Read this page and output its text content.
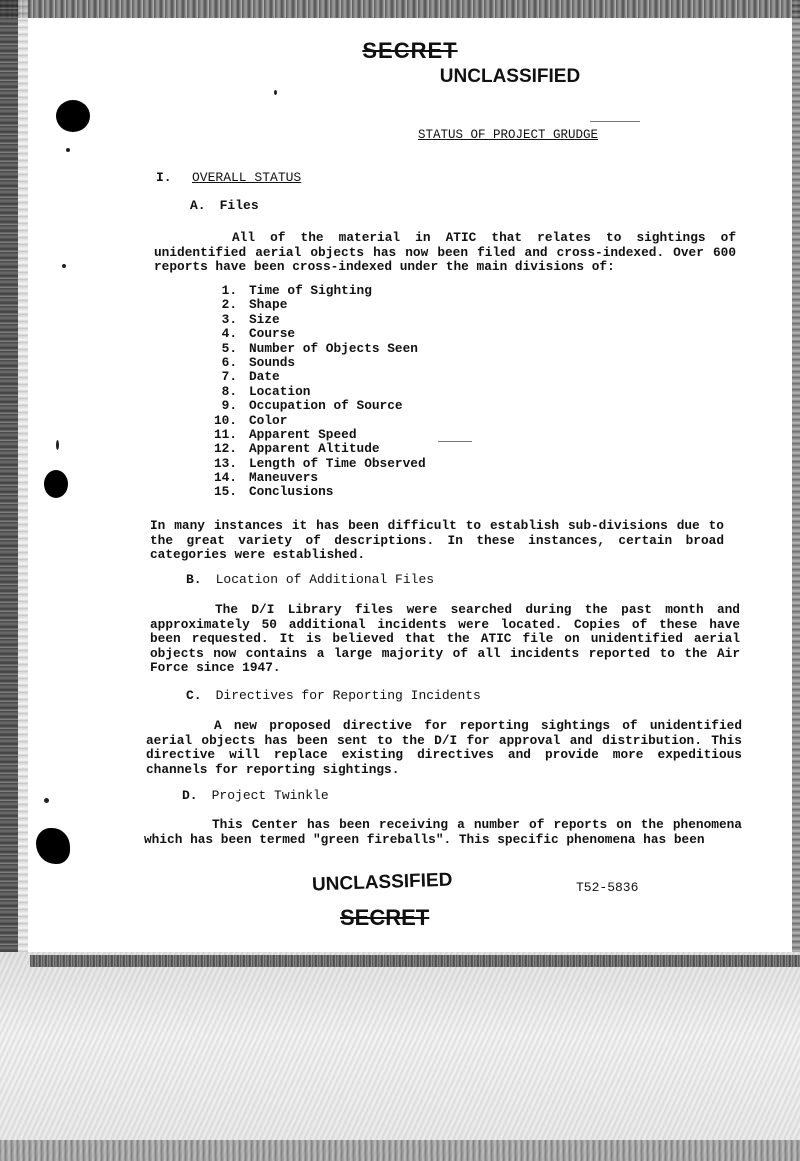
SECRET
UNCLASSIFIED
STATUS OF PROJECT GRUDGE
I. OVERALL STATUS
A. Files
All of the material in ATIC that relates to sightings of unidentified aerial objects has now been filed and cross-indexed. Over 600 reports have been cross-indexed under the main divisions of:
1. Time of Sighting
2. Shape
3. Size
4. Course
5. Number of Objects Seen
6. Sounds
7. Date
8. Location
9. Occupation of Source
10. Color
11. Apparent Speed
12. Apparent Altitude
13. Length of Time Observed
14. Maneuvers
15. Conclusions
In many instances it has been difficult to establish sub-divisions due to the great variety of descriptions. In these instances, certain broad categories were established.
B. Location of Additional Files
The D/I Library files were searched during the past month and approximately 50 additional incidents were located. Copies of these have been requested. It is believed that the ATIC file on unidentified aerial objects now contains a large majority of all incidents reported to the Air Force since 1947.
C. Directives for Reporting Incidents
A new proposed directive for reporting sightings of unidentified aerial objects has been sent to the D/I for approval and distribution. This directive will replace existing directives and provide more expeditious channels for reporting sightings.
D. Project Twinkle
This Center has been receiving a number of reports on the phenomena which has been termed "green fireballs". This specific phenomena has been
UNCLASSIFIED	T52-5836
SECRET
